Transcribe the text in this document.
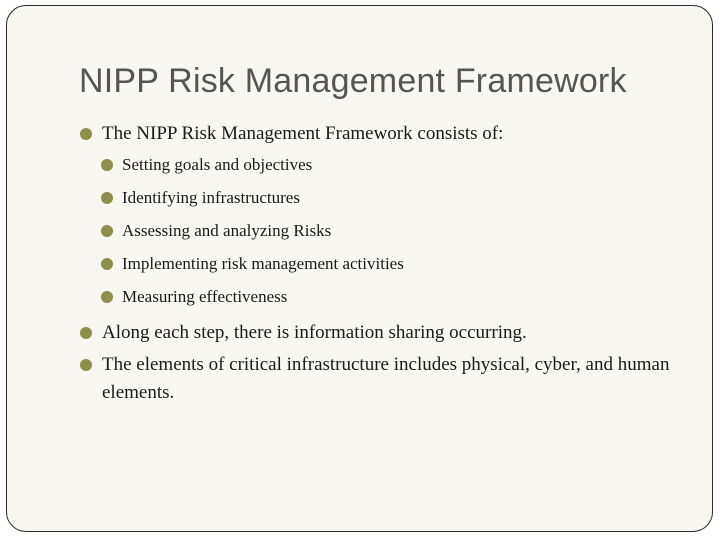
NIPP Risk Management Framework
The NIPP Risk Management Framework consists of:
Setting goals and objectives
Identifying infrastructures
Assessing and analyzing Risks
Implementing risk management activities
Measuring effectiveness
Along each step, there is information sharing occurring.
The elements of critical infrastructure includes physical, cyber, and human elements.
